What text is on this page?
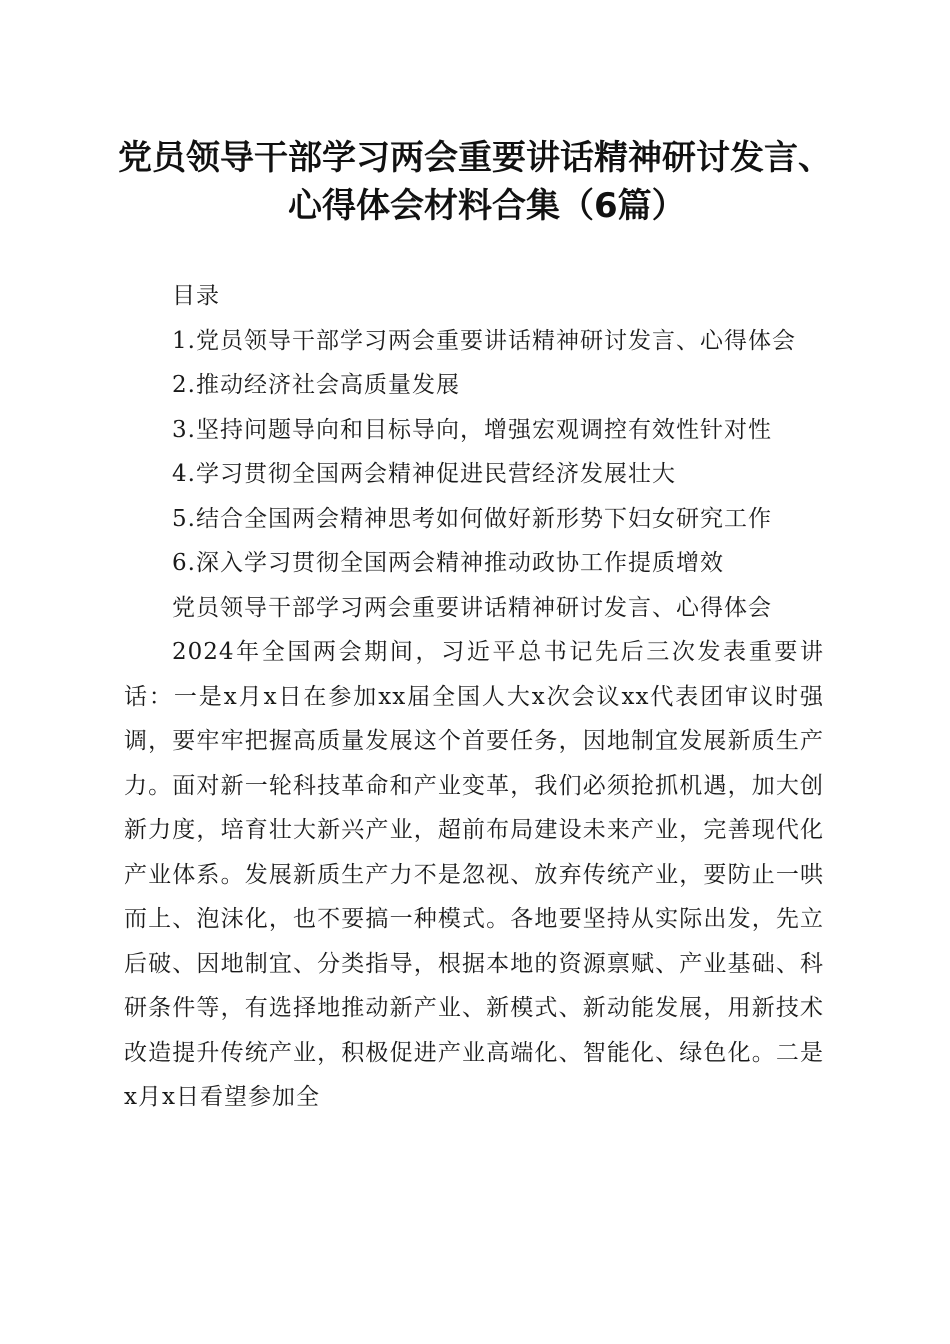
党员领导干部学习两会重要讲话精神研讨发言、
心得体会材料合集（6篇）

目录

1.党员领导干部学习两会重要讲话精神研讨发言、心得体会

2.推动经济社会高质量发展

3.坚持问题导向和目标导向，增强宏观调控有效性针对性

4.学习贯彻全国两会精神促进民营经济发展壮大

5.结合全国两会精神思考如何做好新形势下妇女研究工作

6.深入学习贯彻全国两会精神推动政协工作提质增效

党员领导干部学习两会重要讲话精神研讨发言、心得体会

2024年全国两会期间，习近平总书记先后三次发表重要讲话：一是x月x日在参加xx届全国人大x次会议xx代表团审议时强调，要牢牢把握高质量发展这个首要任务，因地制宜发展新质生产力。面对新一轮科技革命和产业变革，我们必须抢抓机遇，加大创新力度，培育壮大新兴产业，超前布局建设未来产业，完善现代化产业体系。发展新质生产力不是忽视、放弃传统产业，要防止一哄而上、泡沫化，也不要搞一种模式。各地要坚持从实际出发，先立后破、因地制宜、分类指导，根据本地的资源禀赋、产业基础、科研条件等，有选择地推动新产业、新模式、新动能发展，用新技术改造提升传统产业，积极促进产业高端化、智能化、绿色化。二是x月x日看望参加全
